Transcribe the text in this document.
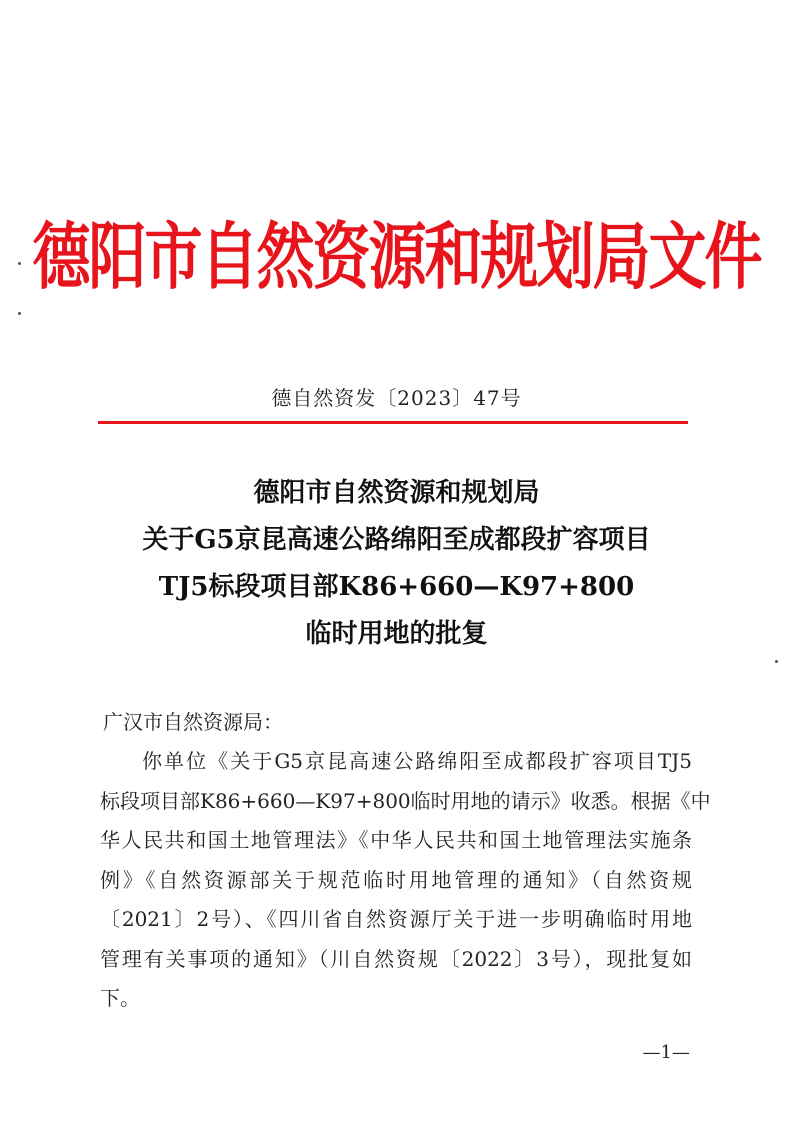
德阳市自然资源和规划局文件
德自然资发〔2023〕47号
德阳市自然资源和规划局
关于G5京昆高速公路绵阳至成都段扩容项目
TJ5标段项目部K86+660—K97+800
临时用地的批复
广汉市自然资源局：
你单位《关于G5京昆高速公路绵阳至成都段扩容项目TJ5
标段项目部K86+660—K97+800临时用地的请示》收悉。根据《中
华人民共和国土地管理法》《中华人民共和国土地管理法实施条
例》《自然资源部关于规范临时用地管理的通知》（自然资规
〔2021〕2号）、《四川省自然资源厅关于进一步明确临时用地
管理有关事项的通知》（川自然资规〔2022〕3号），现批复如
下。
—1—
